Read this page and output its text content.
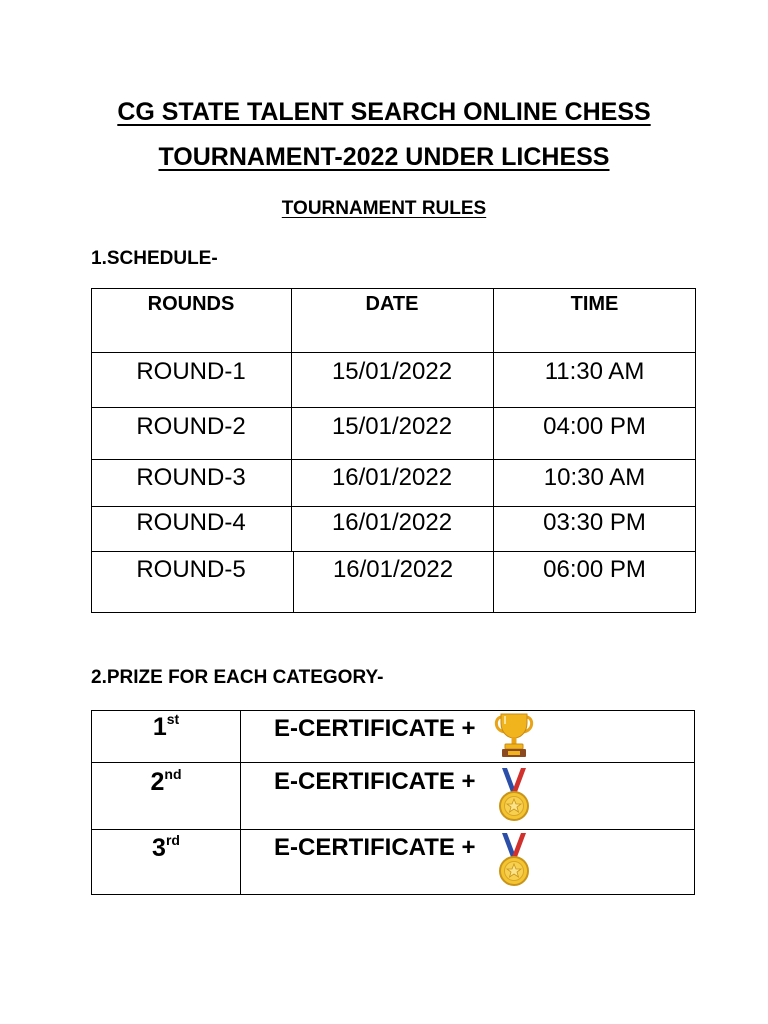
CG STATE TALENT SEARCH ONLINE CHESS
TOURNAMENT-2022 UNDER LICHESS
TOURNAMENT RULES
1.SCHEDULE-
ROUNDS	DATE	TIME
ROUND-1	15/01/2022	11:30 AM
ROUND-2	15/01/2022	04:00 PM
ROUND-3	16/01/2022	10:30 AM
ROUND-4	16/01/2022	03:30 PM
ROUND-5	16/01/2022	06:00 PM
2.PRIZE FOR EACH CATEGORY-
1st	E-CERTIFICATE +
2nd	E-CERTIFICATE +
3rd	E-CERTIFICATE +
